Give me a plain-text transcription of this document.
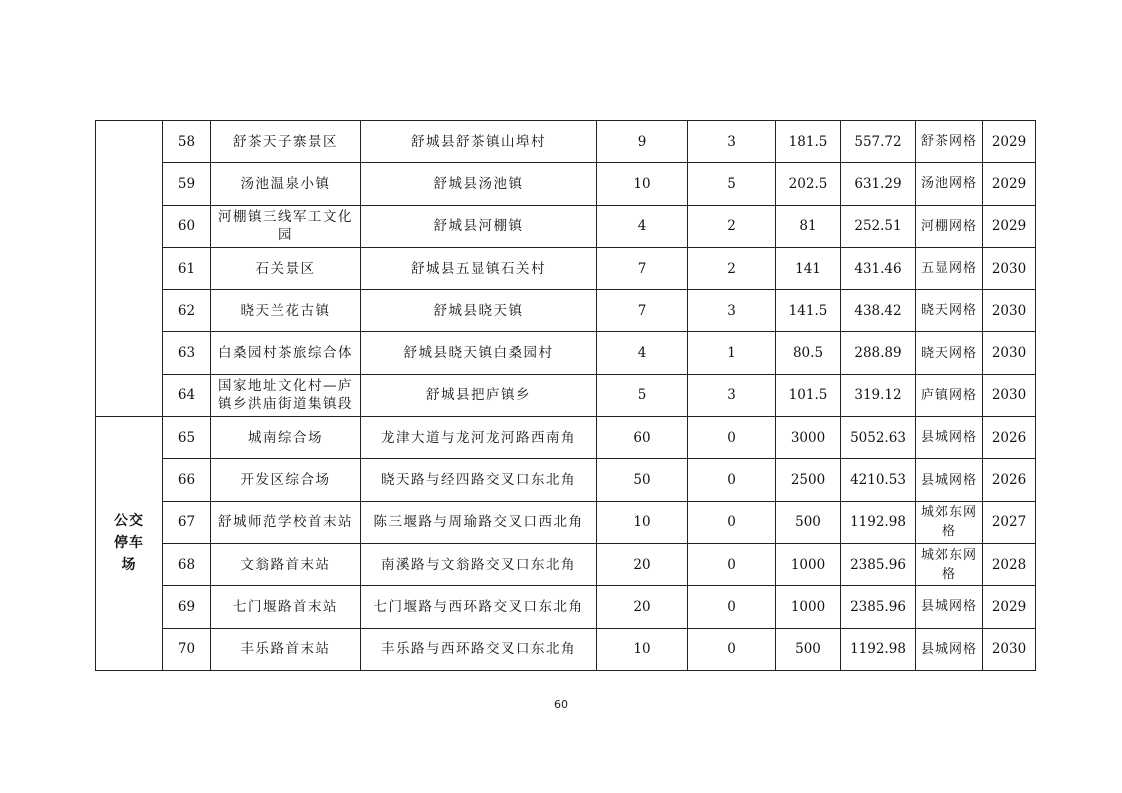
	58	舒茶天子寨景区	舒城县舒茶镇山埠村	9	3	181.5	557.72	舒茶网格	2029
	59	汤池温泉小镇	舒城县汤池镇	10	5	202.5	631.29	汤池网格	2029
	60	河棚镇三线军工文化园	舒城县河棚镇	4	2	81	252.51	河棚网格	2029
	61	石关景区	舒城县五显镇石关村	7	2	141	431.46	五显网格	2030
	62	晓天兰花古镇	舒城县晓天镇	7	3	141.5	438.42	晓天网格	2030
	63	白桑园村茶旅综合体	舒城县晓天镇白桑园村	4	1	80.5	288.89	晓天网格	2030
	64	国家地址文化村—庐镇乡洪庙街道集镇段	舒城县把庐镇乡	5	3	101.5	319.12	庐镇网格	2030
公交停车场	65	城南综合场	龙津大道与龙河龙河路西南角	60	0	3000	5052.63	县城网格	2026
	66	开发区综合场	晓天路与经四路交叉口东北角	50	0	2500	4210.53	县城网格	2026
	67	舒城师范学校首末站	陈三堰路与周瑜路交叉口西北角	10	0	500	1192.98	城郊东网格	2027
	68	文翁路首末站	南溪路与文翁路交叉口东北角	20	0	1000	2385.96	城郊东网格	2028
	69	七门堰路首末站	七门堰路与西环路交叉口东北角	20	0	1000	2385.96	县城网格	2029
	70	丰乐路首末站	丰乐路与西环路交叉口东北角	10	0	500	1192.98	县城网格	2030
60
